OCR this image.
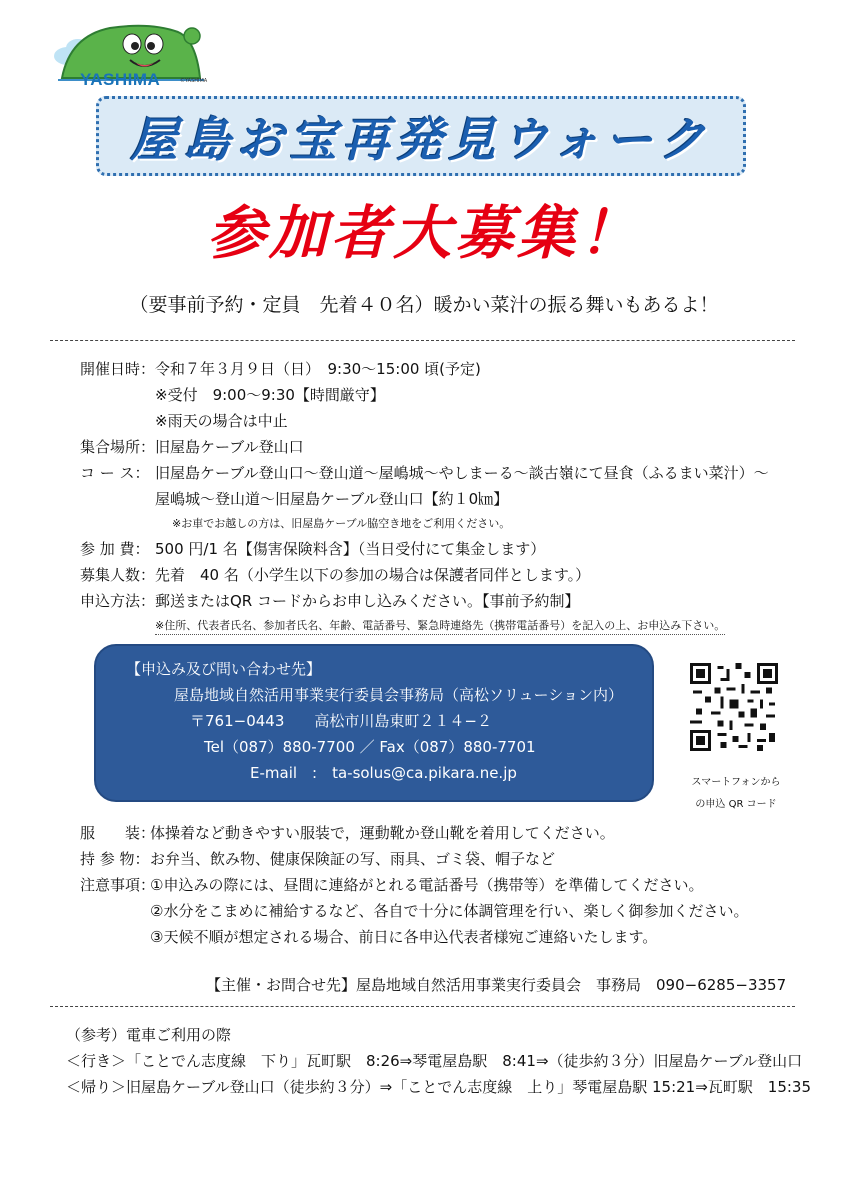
YASHIMA	©YASHIMA
屋島お宝再発見ウォーク
参加者大募集！
（要事前予約・定員　先着４０名）暖かい菜汁の振る舞いもあるよ！
開催日時： 令和７年３月９日（日）　9:30〜15:00 頃(予定)
※受付　9:00〜9:30【時間厳守】
※雨天の場合は中止
集合場所： 旧屋島ケーブル登山口
コ ー ス： 旧屋島ケーブル登山口〜登山道〜屋嶋城〜やしまーる〜談古嶺にて昼食（ふるまい菜汁）〜
屋嶋城〜登山道〜旧屋島ケーブル登山口【約１0㎞】
※お車でお越しの方は、旧屋島ケーブル脇空き地をご利用ください。
参 加 費： 500 円/1 名【傷害保険料含】（当日受付にて集金します）
募集人数： 先着　40 名（小学生以下の参加の場合は保護者同伴とします。）
申込方法： 郵送またはQR コードからお申し込みください。【事前予約制】
※住所、代表者氏名、参加者氏名、年齢、電話番号、緊急時連絡先（携帯電話番号）を記入の上、お申込み下さい。
【申込み及び問い合わせ先】
屋島地域自然活用事業実行委員会事務局（高松ソリューション内）
〒761−0443　　高松市川島東町２１４−２
Tel（087）880-7700 ／ Fax（087）880-7701
E-mail　:　ta-solus@ca.pikara.ne.jp
スマートフォンから
の申込 QR コード
服　　装：
体操着など動きやすい服装で，運動靴か登山靴を着用してください。
持 参 物： お弁当、飲み物、健康保険証の写、雨具、ゴミ袋、帽子など
注意事項：
①申込みの際には、昼間に連絡がとれる電話番号（携帯等）を準備してください。
②水分をこまめに補給するなど、各自で十分に体調管理を行い、楽しく御参加ください。
③天候不順が想定される場合、前日に各申込代表者様宛ご連絡いたします。
【主催・お問合せ先】屋島地域自然活用事業実行委員会　事務局　090−6285−3357
（参考）電車ご利用の際
＜行き＞「ことでん志度線　下り」瓦町駅　8:26⇒琴電屋島駅　8:41⇒（徒歩約３分）旧屋島ケーブル登山口
＜帰り＞旧屋島ケーブル登山口（徒歩約３分）⇒「ことでん志度線　上り」琴電屋島駅 15:21⇒瓦町駅　15:35
